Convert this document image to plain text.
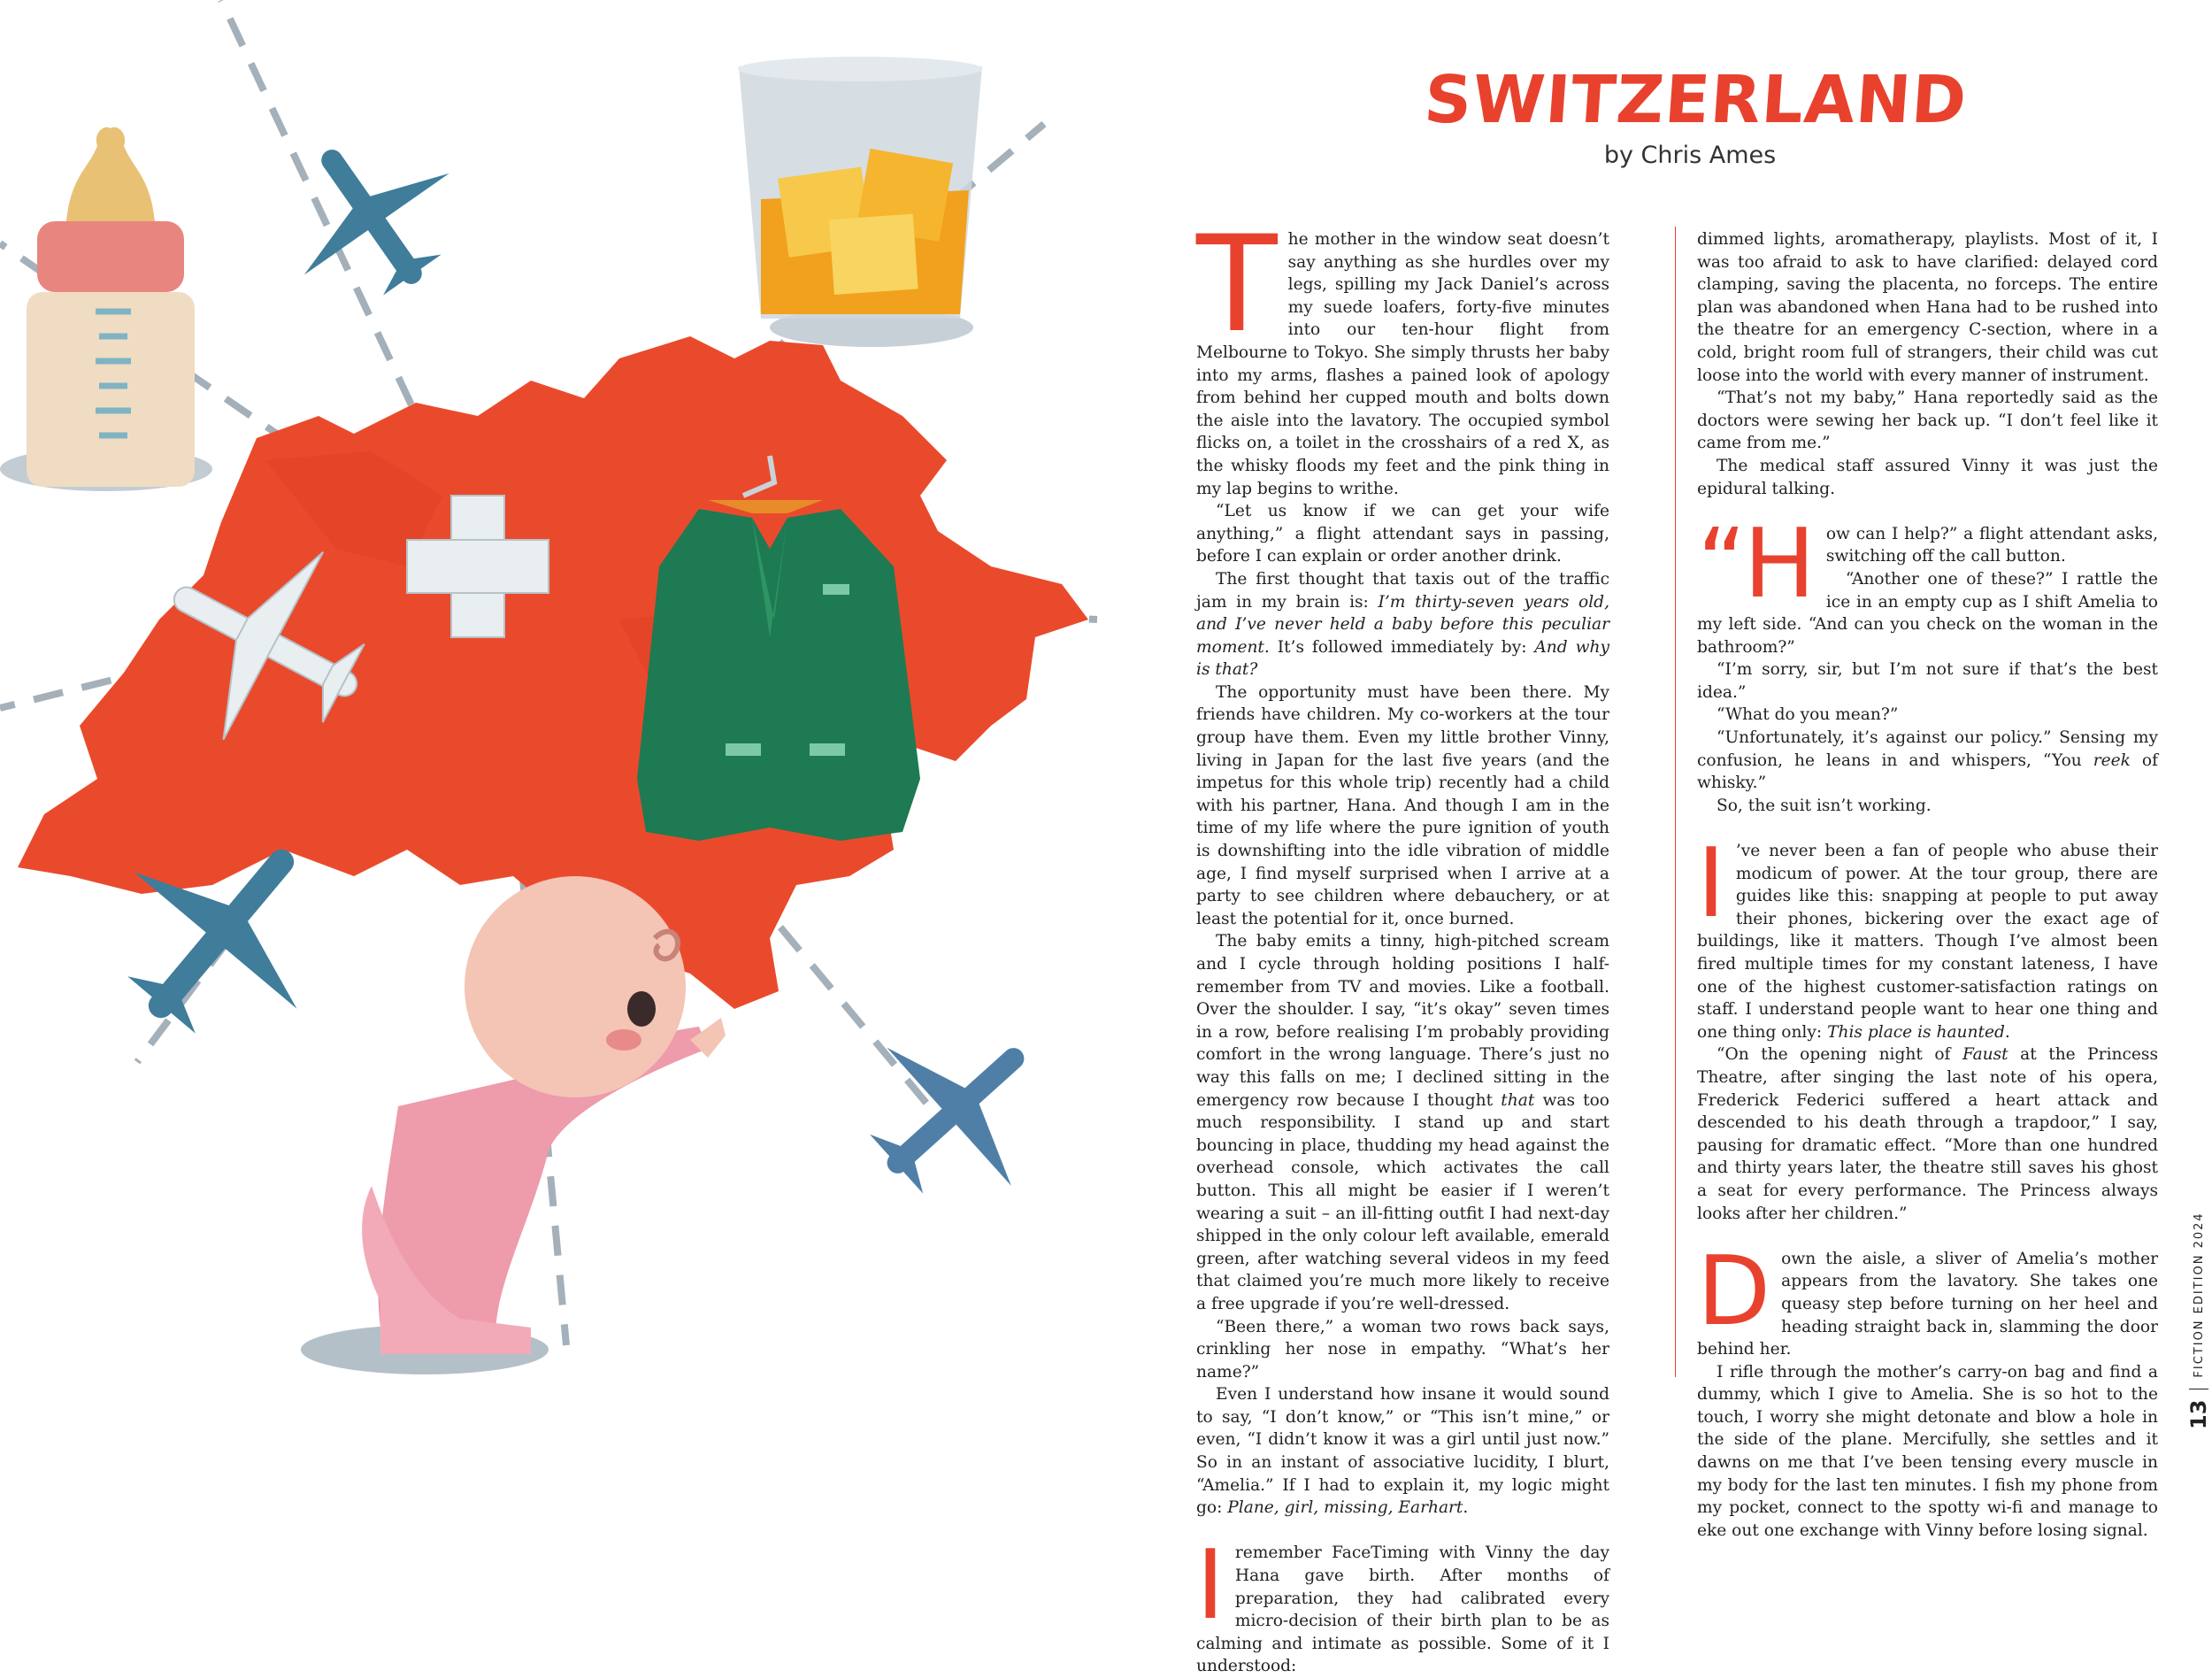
SWITZERLAND
by Chris Ames

The mother in the window seat doesn’t say anything as she hurdles over my legs, spilling my Jack Daniel’s across my suede loafers, forty-five minutes into our ten-hour flight from Melbourne to Tokyo. She simply thrusts her baby into my arms, flashes a pained look of apology from behind her cupped mouth and bolts down the aisle into the lavatory. The occupied symbol flicks on, a toilet in the crosshairs of a red X, as the whisky floods my feet and the pink thing in my lap begins to writhe.

“Let us know if we can get your wife anything,” a flight attendant says in passing, before I can explain or order another drink.

The first thought that taxis out of the traffic jam in my brain is: I’m thirty-seven years old, and I’ve never held a baby before this peculiar moment. It’s followed immediately by: And why is that?

The opportunity must have been there. My friends have children. My co-workers at the tour group have them. Even my little brother Vinny, living in Japan for the last five years (and the impetus for this whole trip) recently had a child with his partner, Hana. And though I am in the time of my life where the pure ignition of youth is downshifting into the idle vibration of middle age, I find myself surprised when I arrive at a party to see children where debauchery, or at least the potential for it, once burned.

The baby emits a tinny, high-pitched scream and I cycle through holding positions I half-remember from TV and movies. Like a football. Over the shoulder. I say, “it’s okay” seven times in a row, before realising I’m probably providing comfort in the wrong language. There’s just no way this falls on me; I declined sitting in the emergency row because I thought that was too much responsibility. I stand up and start bouncing in place, thudding my head against the overhead console, which activates the call button. This all might be easier if I weren’t wearing a suit – an ill-fitting outfit I had next-day shipped in the only colour left available, emerald green, after watching several videos in my feed that claimed you’re much more likely to receive a free upgrade if you’re well-dressed.

“Been there,” a woman two rows back says, crinkling her nose in empathy. “What’s her name?”

Even I understand how insane it would sound to say, “I don’t know,” or “This isn’t mine,” or even, “I didn’t know it was a girl until just now.” So in an instant of associative lucidity, I blurt, “Amelia.” If I had to explain it, my logic might go: Plane, girl, missing, Earhart.

Iremember FaceTiming with Vinny the day Hana gave birth. After months of preparation, they had calibrated every micro-decision of their birth plan to be as calming and intimate as possible. Some of it I understood:

dimmed lights, aromatherapy, playlists. Most of it, I was too afraid to ask to have clarified: delayed cord clamping, saving the placenta, no forceps. The entire plan was abandoned when Hana had to be rushed into the theatre for an emergency C-section, where in a cold, bright room full of strangers, their child was cut loose into the world with every manner of instrument.

“That’s not my baby,” Hana reportedly said as the doctors were sewing her back up. “I don’t feel like it came from me.”

The medical staff assured Vinny it was just the epidural talking.

“H ow can I help?” a flight attendant asks, switching off the call button.

“Another one of these?” I rattle the ice in an empty cup as I shift Amelia to my left side. “And can you check on the woman in the bathroom?”

“I’m sorry, sir, but I’m not sure if that’s the best idea.”

“What do you mean?”

“Unfortunately, it’s against our policy.” Sensing my confusion, he leans in and whispers, “You reek of whisky.”

So, the suit isn’t working.

I ’ve never been a fan of people who abuse their modicum of power. At the tour group, there are guides like this: snapping at people to put away their phones, bickering over the exact age of buildings, like it matters. Though I’ve almost been fired multiple times for my constant lateness, I have one of the highest customer-satisfaction ratings on staff. I understand people want to hear one thing and one thing only: This place is haunted.

“On the opening night of Faust at the Princess Theatre, after singing the last note of his opera, Frederick Federici suffered a heart attack and descended to his death through a trapdoor,” I say, pausing for dramatic effect. “More than one hundred and thirty years later, the theatre still saves his ghost a seat for every performance. The Princess always looks after her children.”

Down the aisle, a sliver of Amelia’s mother appears from the lavatory. She takes one queasy step before turning on her heel and heading straight back in, slamming the door behind her.

I rifle through the mother’s carry-on bag and find a dummy, which I give to Amelia. She is so hot to the touch, I worry she might detonate and blow a hole in the side of the plane. Mercifully, she settles and it dawns on me that I’ve been tensing every muscle in my body for the last ten minutes. I fish my phone from my pocket, connect to the spotty wi-fi and manage to eke out one exchange with Vinny before losing signal.

13
FICTION EDITION 2024
